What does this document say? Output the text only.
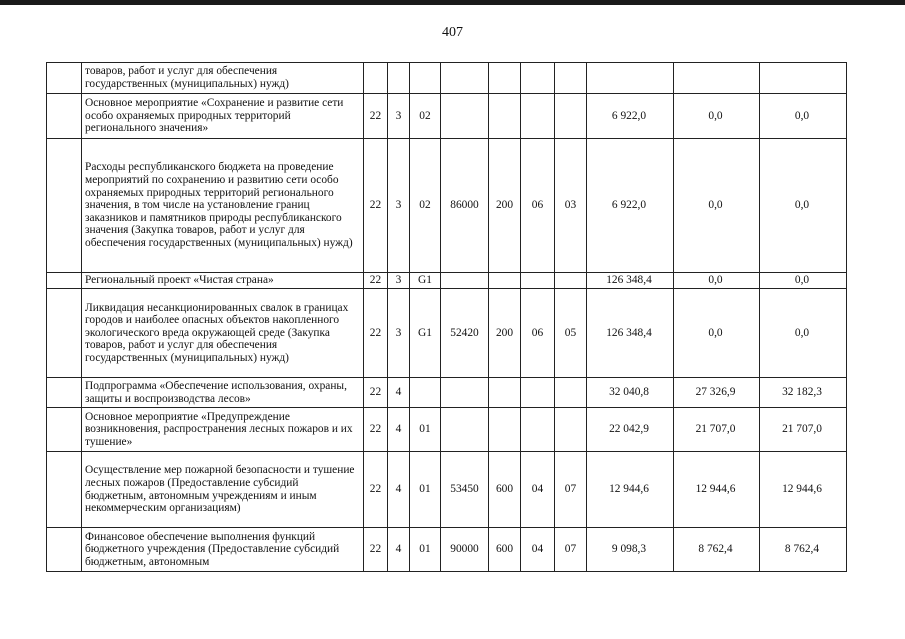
407
	товаров, работ и услуг для обеспечения государственных (муниципальных) нужд)										
	Основное мероприятие «Сохранение и развитие сети особо охраняемых природных территорий регионального значения»	22	3	02					6 922,0	0,0	0,0
	Расходы республиканского бюджета на проведение мероприятий по сохранению и развитию сети особо охраняемых природных территорий регионального значения, в том числе на установление границ заказников и памятников природы республиканского значения (Закупка товаров, работ и услуг для обеспечения государственных (муниципальных) нужд)	22	3	02	86000	200	06	03	6 922,0	0,0	0,0
	Региональный проект «Чистая страна»	22	3	G1					126 348,4	0,0	0,0
	Ликвидация несанкционированных свалок в границах городов и наиболее опасных объектов накопленного экологического вреда окружающей среде (Закупка товаров, работ и услуг для обеспечения государственных (муниципальных) нужд)	22	3	G1	52420	200	06	05	126 348,4	0,0	0,0
	Подпрограмма «Обеспечение использования, охраны, защиты и воспроизводства лесов»	22	4						32 040,8	27 326,9	32 182,3
	Основное мероприятие «Предупреждение возникновения, распространения лесных пожаров и их тушение»	22	4	01					22 042,9	21 707,0	21 707,0
	Осуществление мер пожарной безопасности и тушение лесных пожаров (Предоставление субсидий бюджетным, автономным учреждениям и иным некоммерческим организациям)	22	4	01	53450	600	04	07	12 944,6	12 944,6	12 944,6
	Финансовое обеспечение выполнения функций бюджетного учреждения (Предоставление субсидий бюджетным, автономным	22	4	01	90000	600	04	07	9 098,3	8 762,4	8 762,4
